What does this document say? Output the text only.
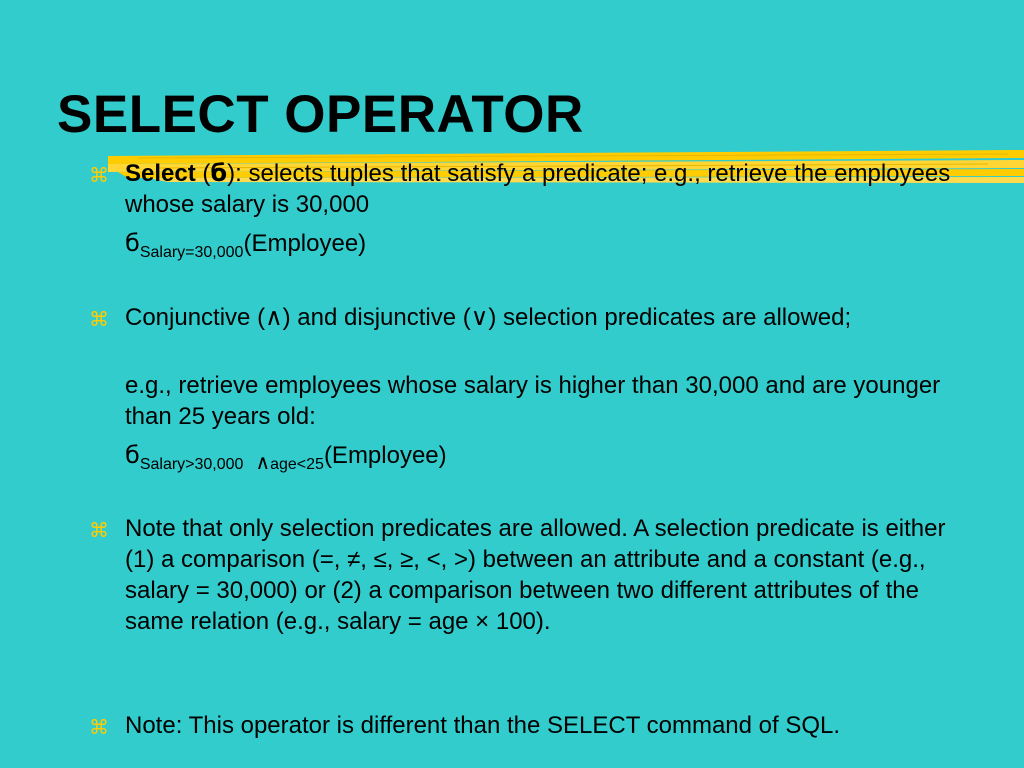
SELECT OPERATOR
⌘ Select (б): selects tuples that satisfy a predicate; e.g., retrieve the employees whose salary is 30,000
$б_{Salary=30,000}(Employee)$
⌘ Conjunctive (∧) and disjunctive (∨) selection predicates are allowed;
e.g., retrieve employees whose salary is higher than 30,000 and are younger than 25 years old:
$б_{Salary>30,000}$ $_{\wedge age<25}$(Employee)
⌘ Note that only selection predicates are allowed. A selection predicate is either (1) a comparison (=, ≠, ≤, ≥, <, >) between an attribute and a constant (e.g., salary = 30,000) or (2) a comparison between two different attributes of the same relation (e.g., salary = age × 100).
⌘ Note: This operator is different than the SELECT command of SQL.
